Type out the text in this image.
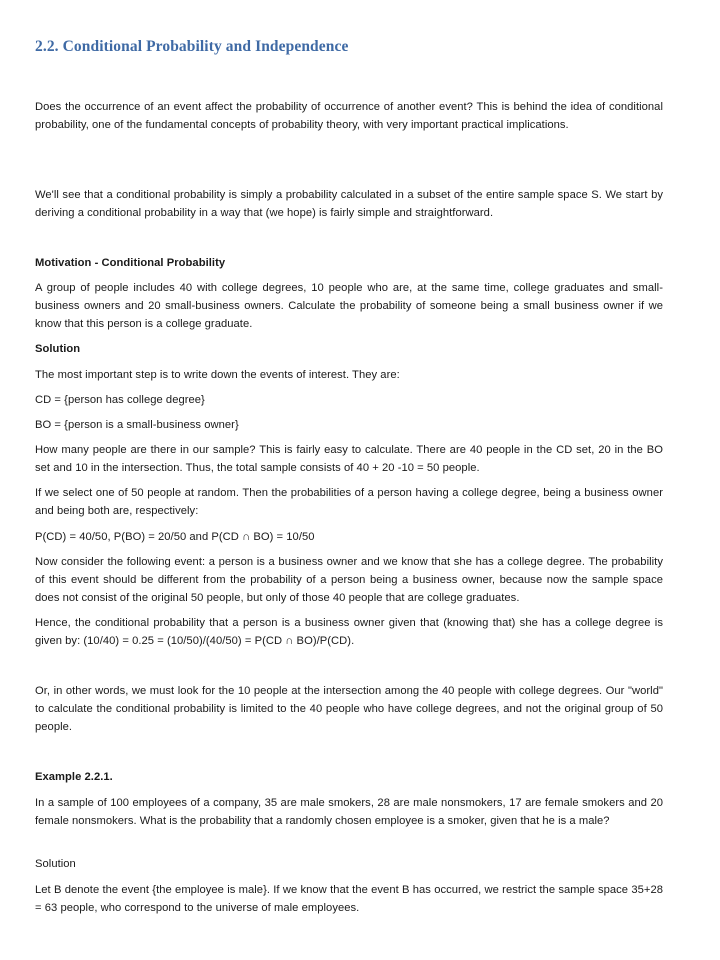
2.2. Conditional Probability and Independence

Does the occurrence of an event affect the probability of occurrence of another event? This is behind the idea of conditional probability, one of the fundamental concepts of probability theory, with very important practical implications.

We'll see that a conditional probability is simply a probability calculated in a subset of the entire sample space S. We start by deriving a conditional probability in a way that (we hope) is fairly simple and straightforward.

Motivation - Conditional Probability

A group of people includes 40 with college degrees, 10 people who are, at the same time, college graduates and small-business owners and 20 small-business owners. Calculate the probability of someone being a small business owner if we know that this person is a college graduate.

Solution

The most important step is to write down the events of interest. They are:

CD = {person has college degree}

BO = {person is a small-business owner}

How many people are there in our sample? This is fairly easy to calculate. There are 40 people in the CD set, 20 in the BO set and 10 in the intersection. Thus, the total sample consists of 40 + 20 -10 = 50 people.

If we select one of 50 people at random. Then the probabilities of a person having a college degree, being a business owner and being both are, respectively:

P(CD) = 40/50, P(BO) = 20/50 and P(CD ∩ BO) = 10/50

Now consider the following event: a person is a business owner and we know that she has a college degree. The probability of this event should be different from the probability of a person being a business owner, because now the sample space does not consist of the original 50 people, but only of those 40 people that are college graduates.

Hence, the conditional probability that a person is a business owner given that (knowing that) she has a college degree is given by: (10/40) = 0.25 = (10/50)/(40/50) = P(CD ∩ BO)/P(CD).

Or, in other words, we must look for the 10 people at the intersection among the 40 people with college degrees. Our "world" to calculate the conditional probability is limited to the 40 people who have college degrees, and not the original group of 50 people.

Example 2.2.1.

In a sample of 100 employees of a company, 35 are male smokers, 28 are male nonsmokers, 17 are female smokers and 20 female nonsmokers. What is the probability that a randomly chosen employee is a smoker, given that he is a male?

Solution

Let B denote the event {the employee is male}. If we know that the event B has occurred, we restrict the sample space 35+28 = 63 people, who correspond to the universe of male employees.
